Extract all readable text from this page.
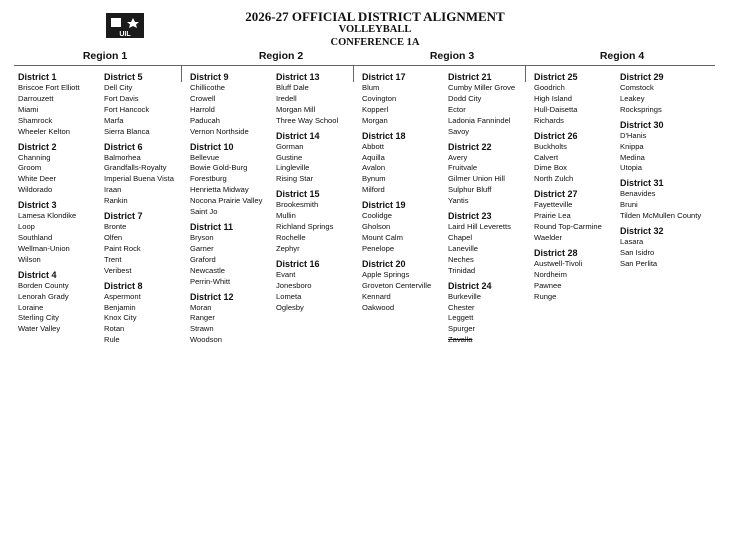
UIL
2026-27 OFFICIAL DISTRICT ALIGNMENT
VOLLEYBALL
CONFERENCE 1A
Region 1	Region 2	Region 3	Region 4
District 1
Briscoe Fort Elliott
Darrouzett
Miami
Shamrock
Wheeler Kelton
District 2
Channing
Groom
White Deer
Wildorado
District 3
Lamesa Klondike
Loop
Southland
Wellman-Union
Wilson
District 4
Borden County
Lenorah Grady
Loraine
Sterling City
Water Valley
District 5
Dell City
Fort Davis
Fort Hancock
Marfa
Sierra Blanca
District 6
Balmorhea
Grandfalls-Royalty
Imperial Buena Vista
Iraan
Rankin
District 7
Bronte
Olfen
Paint Rock
Trent
Veribest
District 8
Aspermont
Benjamin
Knox City
Rotan
Rule
District 9
Chillicothe
Crowell
Harrold
Paducah
Vernon Northside
District 10
Bellevue
Bowie Gold-Burg
Forestburg
Henrietta Midway
Nocona Prairie Valley
Saint Jo
District 11
Bryson
Garner
Graford
Newcastle
Perrin-Whitt
District 12
Moran
Ranger
Strawn
Woodson
District 13
Bluff Dale
Iredell
Morgan Mill
Three Way School
District 14
Gorman
Gustine
Lingleville
Rising Star
District 15
Brookesmith
Mullin
Richland Springs
Rochelle
Zephyr
District 16
Evant
Jonesboro
Lometa
Oglesby
District 17
Blum
Covington
Kopperl
Morgan
District 18
Abbott
Aquilla
Avalon
Bynum
Milford
District 19
Coolidge
Gholson
Mount Calm
Penelope
District 20
Apple Springs
Groveton Centerville
Kennard
Oakwood
District 21
Cumby Miller Grove
Dodd City
Ector
Ladonia Fannindel
Savoy
District 22
Avery
Fruitvale
Gilmer Union Hill
Sulphur Bluff
Yantis
District 23
Laird Hill Leveretts
Chapel
Laneville
Neches
Trinidad
District 24
Burkeville
Chester
Leggett
Spurger
Zavalla
District 25
Goodrich
High Island
Hull-Daisetta
Richards
District 26
Buckholts
Calvert
Dime Box
North Zulch
District 27
Fayetteville
Prairie Lea
Round Top-Carmine
Waelder
District 28
Austwell-Tivoli
Nordheim
Pawnee
Runge
District 29
Comstock
Leakey
Rocksprings
District 30
D'Hanis
Knippa
Medina
Utopia
District 31
Benavides
Bruni
Tilden McMullen County
District 32
Lasara
San Isidro
San Perlita
